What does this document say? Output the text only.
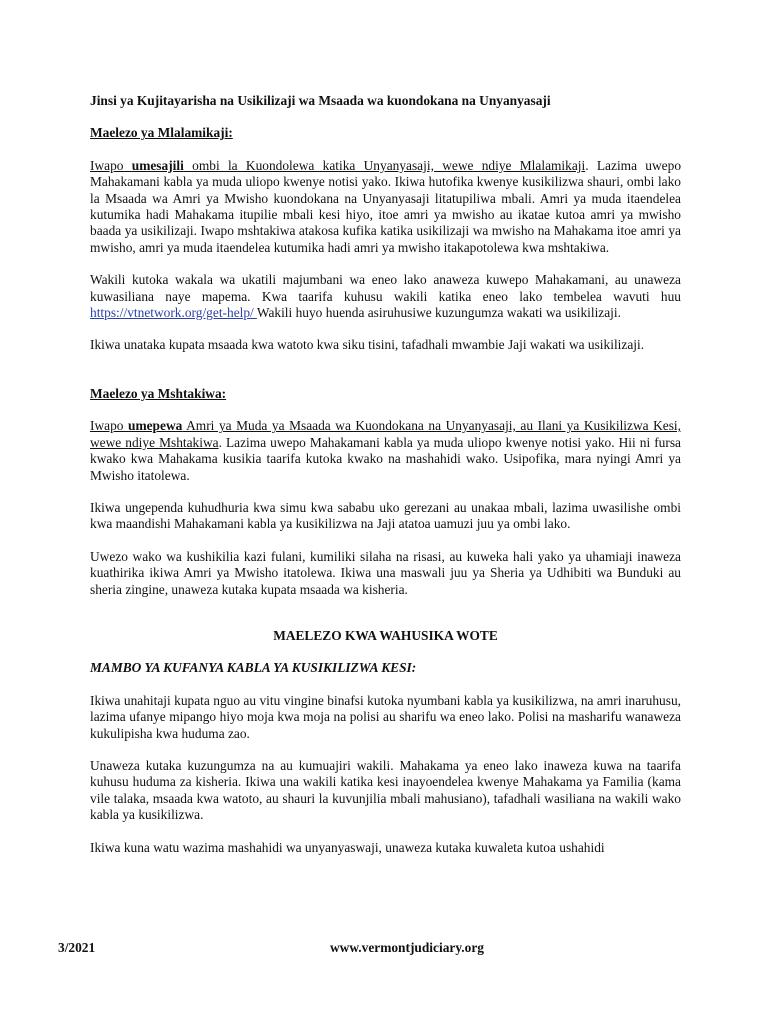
Jinsi ya Kujitayarisha na Usikilizaji wa Msaada wa kuondokana na Unyanyasaji
Maelezo ya Mlalamikaji:

Iwapo umesajili ombi la Kuondolewa katika Unyanyasaji, wewe ndiye Mlalamikaji. Lazima uwepo Mahakamani kabla ya muda uliopo kwenye notisi yako. Ikiwa hutofika kwenye kusikilizwa shauri, ombi lako la Msaada wa Amri ya Mwisho kuondokana na Unyanyasaji litatupiliwa mbali. Amri ya muda itaendelea kutumika hadi Mahakama itupilie mbali kesi hiyo, itoe amri ya mwisho au ikatae kutoa amri ya mwisho baada ya usikilizaji. Iwapo mshtakiwa atakosa kufika katika usikilizaji wa mwisho na Mahakama itoe amri ya mwisho, amri ya muda itaendelea kutumika hadi amri ya mwisho itakapotolewa kwa mshtakiwa.

Wakili kutoka wakala wa ukatili majumbani wa eneo lako anaweza kuwepo Mahakamani, au unaweza kuwasiliana naye mapema. Kwa taarifa kuhusu wakili katika eneo lako tembelea wavuti huu https://vtnetwork.org/get-help/ Wakili huyo huenda asiruhusiwe kuzungumza wakati wa usikilizaji.

Ikiwa unataka kupata msaada kwa watoto kwa siku tisini, tafadhali mwambie Jaji wakati wa usikilizaji.

Maelezo ya Mshtakiwa:

Iwapo umepewa Amri ya Muda ya Msaada wa Kuondokana na Unyanyasaji, au Ilani ya Kusikilizwa Kesi, wewe ndiye Mshtakiwa. Lazima uwepo Mahakamani kabla ya muda uliopo kwenye notisi yako. Hii ni fursa kwako kwa Mahakama kusikia taarifa kutoka kwako na mashahidi wako. Usipofika, mara nyingi Amri ya Mwisho itatolewa.

Ikiwa ungependa kuhudhuria kwa simu kwa sababu uko gerezani au unakaa mbali, lazima uwasilishe ombi kwa maandishi Mahakamani kabla ya kusikilizwa na Jaji atatoa uamuzi juu ya ombi lako.

Uwezo wako wa kushikilia kazi fulani, kumiliki silaha na risasi, au kuweka hali yako ya uhamiaji inaweza kuathirika ikiwa Amri ya Mwisho itatolewa. Ikiwa una maswali juu ya Sheria ya Udhibiti wa Bunduki au sheria zingine, unaweza kutaka kupata msaada wa kisheria.

MAELEZO KWA WAHUSIKA WOTE
MAMBO YA KUFANYA KABLA YA KUSIKILIZWA KESI:

Ikiwa unahitaji kupata nguo au vitu vingine binafsi kutoka nyumbani kabla ya kusikilizwa, na amri inaruhusu, lazima ufanye mipango hiyo moja kwa moja na polisi au sharifu wa eneo lako. Polisi na masharifu wanaweza kukulipisha kwa huduma zao.

Unaweza kutaka kuzungumza na au kumuajiri wakili. Mahakama ya eneo lako inaweza kuwa na taarifa kuhusu huduma za kisheria. Ikiwa una wakili katika kesi inayoendelea kwenye Mahakama ya Familia (kama vile talaka, msaada kwa watoto, au shauri la kuvunjilia mbali mahusiano), tafadhali wasiliana na wakili wako kabla ya kusikilizwa.

Ikiwa kuna watu wazima mashahidi wa unyanyaswaji, unaweza kutaka kuwaleta kutoa ushahidi

3/2021	www.vermontjudiciary.org
